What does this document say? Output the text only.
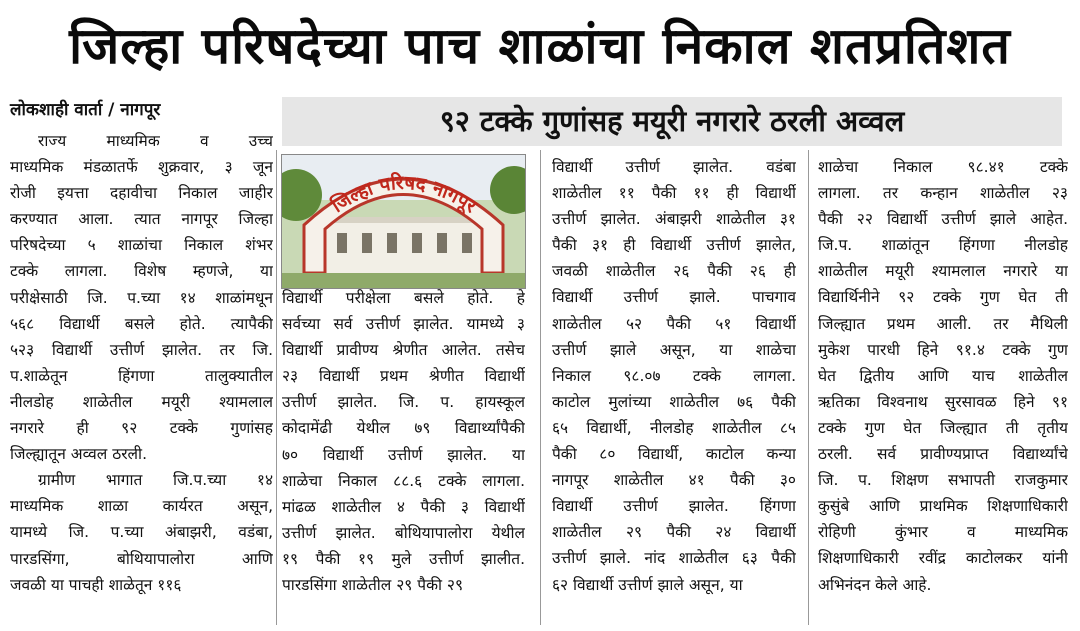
जिल्हा परिषदेच्या पाच शाळांचा निकाल शतप्रतिशत
लोकशाही वार्ता / नागपूर	९२ टक्के गुणांसह मयूरी नगरारे ठरली अव्वल
जिल्हा परिषद नागपूर
राज्य माध्यमिक व उच्च
माध्यमिक मंडळातर्फे शुक्रवार, ३ जून
रोजी इयत्ता दहावीचा निकाल जाहीर
करण्यात आला. त्यात नागपूर जिल्हा
परिषदेच्या ५ शाळांचा निकाल शंभर
टक्के लागला. विशेष म्हणजे, या
परीक्षेसाठी जि. प.च्या १४ शाळांमधून
५६८ विद्यार्थी बसले होते. त्यापैकी
५२३ विद्यार्थी उत्तीर्ण झालेत. तर जि.
प.शाळेतून हिंगणा तालुक्यातील
नीलडोह शाळेतील मयूरी श्यामलाल
नगरारे ही ९२ टक्के गुणांसह
जिल्ह्यातून अव्वल ठरली.
ग्रामीण भागात जि.प.च्या १४
माध्यमिक शाळा कार्यरत असून,
यामध्ये जि. प.च्या अंबाझरी, वडंबा,
पारडसिंगा, बोथियापालोरा आणि
जवळी या पाचही शाळेतून ११६
विद्यार्थी परीक्षेला बसले होते. हे
सर्वच्या सर्व उत्तीर्ण झालेत. यामध्ये ३
विद्यार्थी प्रावीण्य श्रेणीत आलेत. तसेच
२३ विद्यार्थी प्रथम श्रेणीत विद्यार्थी
उत्तीर्ण झालेत. जि. प. हायस्कूल
कोदामेंढी येथील ७९ विद्यार्थ्यांपैकी
७० विद्यार्थी उत्तीर्ण झालेत. या
शाळेचा निकाल ८८.६ टक्के लागला.
मांढळ शाळेतील ४ पैकी ३ विद्यार्थी
उत्तीर्ण झालेत. बोथियापालोरा येथील
१९ पैकी १९ मुले उत्तीर्ण झालीत.
पारडसिंगा शाळेतील २९ पैकी २९
विद्यार्थी उत्तीर्ण झालेत. वडंबा
शाळेतील ११ पैकी ११ ही विद्यार्थी
उत्तीर्ण झालेत. अंबाझरी शाळेतील ३१
पैकी ३१ ही विद्यार्थी उत्तीर्ण झालेत,
जवळी शाळेतील २६ पैकी २६ ही
विद्यार्थी उत्तीर्ण झाले. पाचगाव
शाळेतील ५२ पैकी ५१ विद्यार्थी
उत्तीर्ण झाले असून, या शाळेचा
निकाल ९८.०७ टक्के लागला.
काटोल मुलांच्या शाळेतील ७६ पैकी
६५ विद्यार्थी, नीलडोह शाळेतील ८५
पैकी ८० विद्यार्थी, काटोल कन्या
नागपूर शाळेतील ४१ पैकी ३०
विद्यार्थी उत्तीर्ण झालेत. हिंगणा
शाळेतील २९ पैकी २४ विद्यार्थी
उत्तीर्ण झाले. नांद शाळेतील ६३ पैकी
६२ विद्यार्थी उत्तीर्ण झाले असून, या
शाळेचा निकाल ९८.४१ टक्के
लागला. तर कन्हान शाळेतील २३
पैकी २२ विद्यार्थी उत्तीर्ण झाले आहेत.
जि.प. शाळांतून हिंगणा नीलडोह
शाळेतील मयूरी श्यामलाल नगरारे या
विद्यार्थिनीने ९२ टक्के गुण घेत ती
जिल्ह्यात प्रथम आली. तर मैथिली
मुकेश पारधी हिने ९१.४ टक्के गुण
घेत द्वितीय आणि याच शाळेतील
ऋतिका विश्वनाथ सुरसावळ हिने ९१
टक्के गुण घेत जिल्ह्यात ती तृतीय
ठरली. सर्व प्रावीण्यप्राप्त विद्यार्थ्यांचे
जि. प. शिक्षण सभापती राजकुमार
कुसुंबे आणि प्राथमिक शिक्षणाधिकारी
रोहिणी कुंभार व माध्यमिक
शिक्षणाधिकारी रवींद्र काटोलकर यांनी
अभिनंदन केले आहे.
